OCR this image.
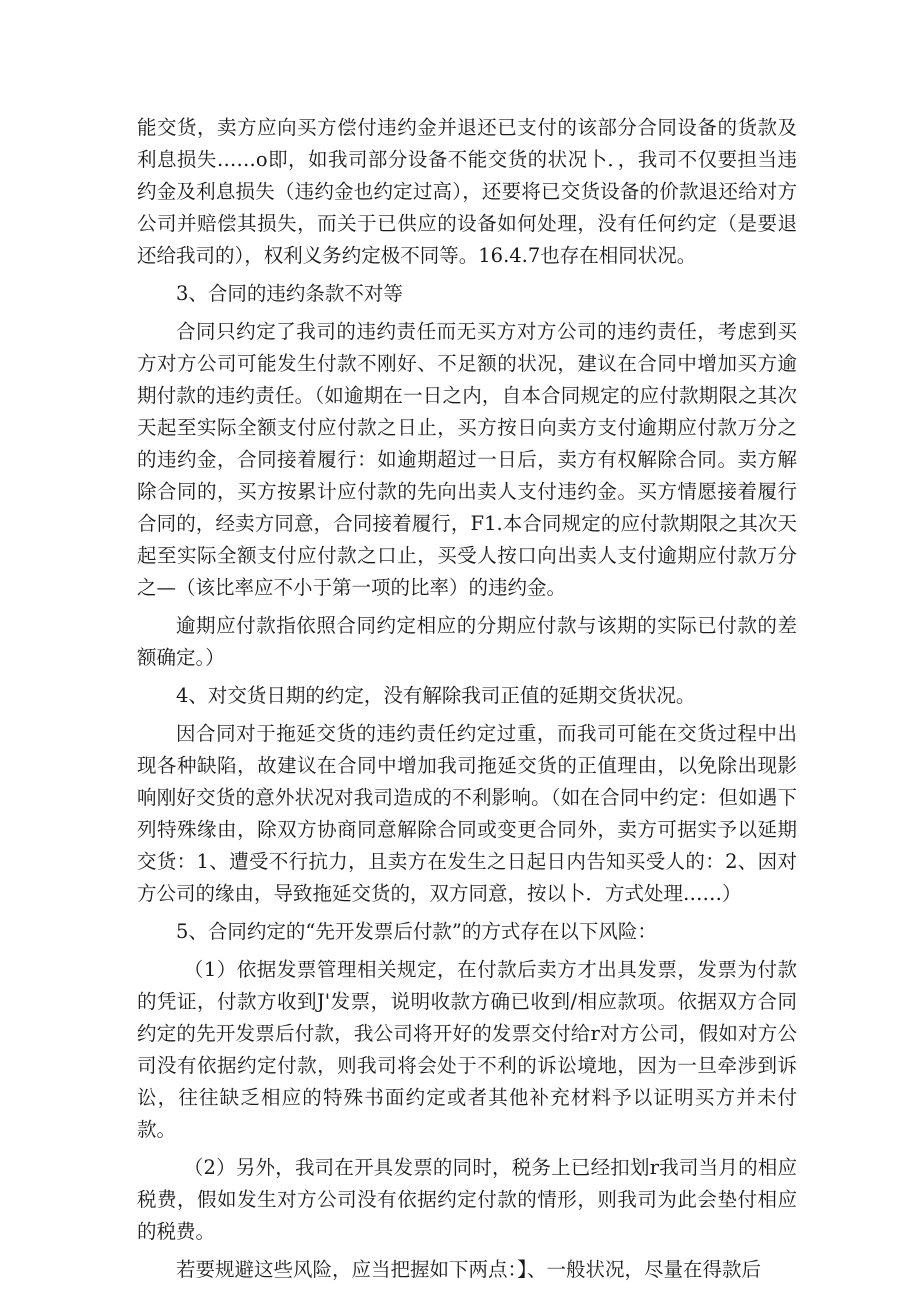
能交货，卖方应向买方偿付违约金并退还已支付的该部分合同设备的货款及利息损失……o即，如我司部分设备不能交货的状况卜．，我司不仅要担当违约金及利息损失（违约金也约定过高），还要将已交货设备的价款退还给对方公司并赔偿其损失，而关于已供应的设备如何处理，没有任何约定（是要退还给我司的），权利义务约定极不同等。16.4.7也存在相同状况。

3、合同的违约条款不对等

合同只约定了我司的违约责任而无买方对方公司的违约责任，考虑到买方对方公司可能发生付款不刚好、不足额的状况，建议在合同中增加买方逾期付款的违约责任。（如逾期在一日之内，自本合同规定的应付款期限之其次天起至实际全额支付应付款之日止，买方按日向卖方支付逾期应付款万分之的违约金，合同接着履行：如逾期超过一日后，卖方有权解除合同。卖方解除合同的，买方按累计应付款的先向出卖人支付违约金。买方情愿接着履行合同的，经卖方同意，合同接着履行，F1.本合同规定的应付款期限之其次天起至实际全额支付应付款之口止，买受人按口向出卖人支付逾期应付款万分之—（该比率应不小于第一项的比率）的违约金。

逾期应付款指依照合同约定相应的分期应付款与该期的实际已付款的差额确定。）

4、对交货日期的约定，没有解除我司正值的延期交货状况。

因合同对于拖延交货的违约责任约定过重，而我司可能在交货过程中出现各种缺陷，故建议在合同中增加我司拖延交货的正值理由，以免除出现影响刚好交货的意外状况对我司造成的不利影响。（如在合同中约定：但如遇下列特殊缘由，除双方协商同意解除合同或变更合同外，卖方可据实予以延期交货：1、遭受不行抗力，且卖方在发生之日起日内告知买受人的：2、因对方公司的缘由，导致拖延交货的，双方同意，按以卜．方式处理……）

5、合同约定的“先开发票后付款”的方式存在以下风险：

（1）依据发票管理相关规定，在付款后卖方才出具发票，发票为付款的凭证，付款方收到J'发票，说明收款方确已收到/相应款项。依据双方合同约定的先开发票后付款，我公司将开好的发票交付给r对方公司，假如对方公司没有依据约定付款，则我司将会处于不利的诉讼境地，因为一旦牵涉到诉讼，往往缺乏相应的特殊书面约定或者其他补充材料予以证明买方并未付款。

（2）另外，我司在开具发票的同时，税务上已经扣划r我司当月的相应税费，假如发生对方公司没有依据约定付款的情形，则我司为此会垫付相应的税费。

若要规避这些风险，应当把握如下两点：】、一般状况，尽量在得款后
